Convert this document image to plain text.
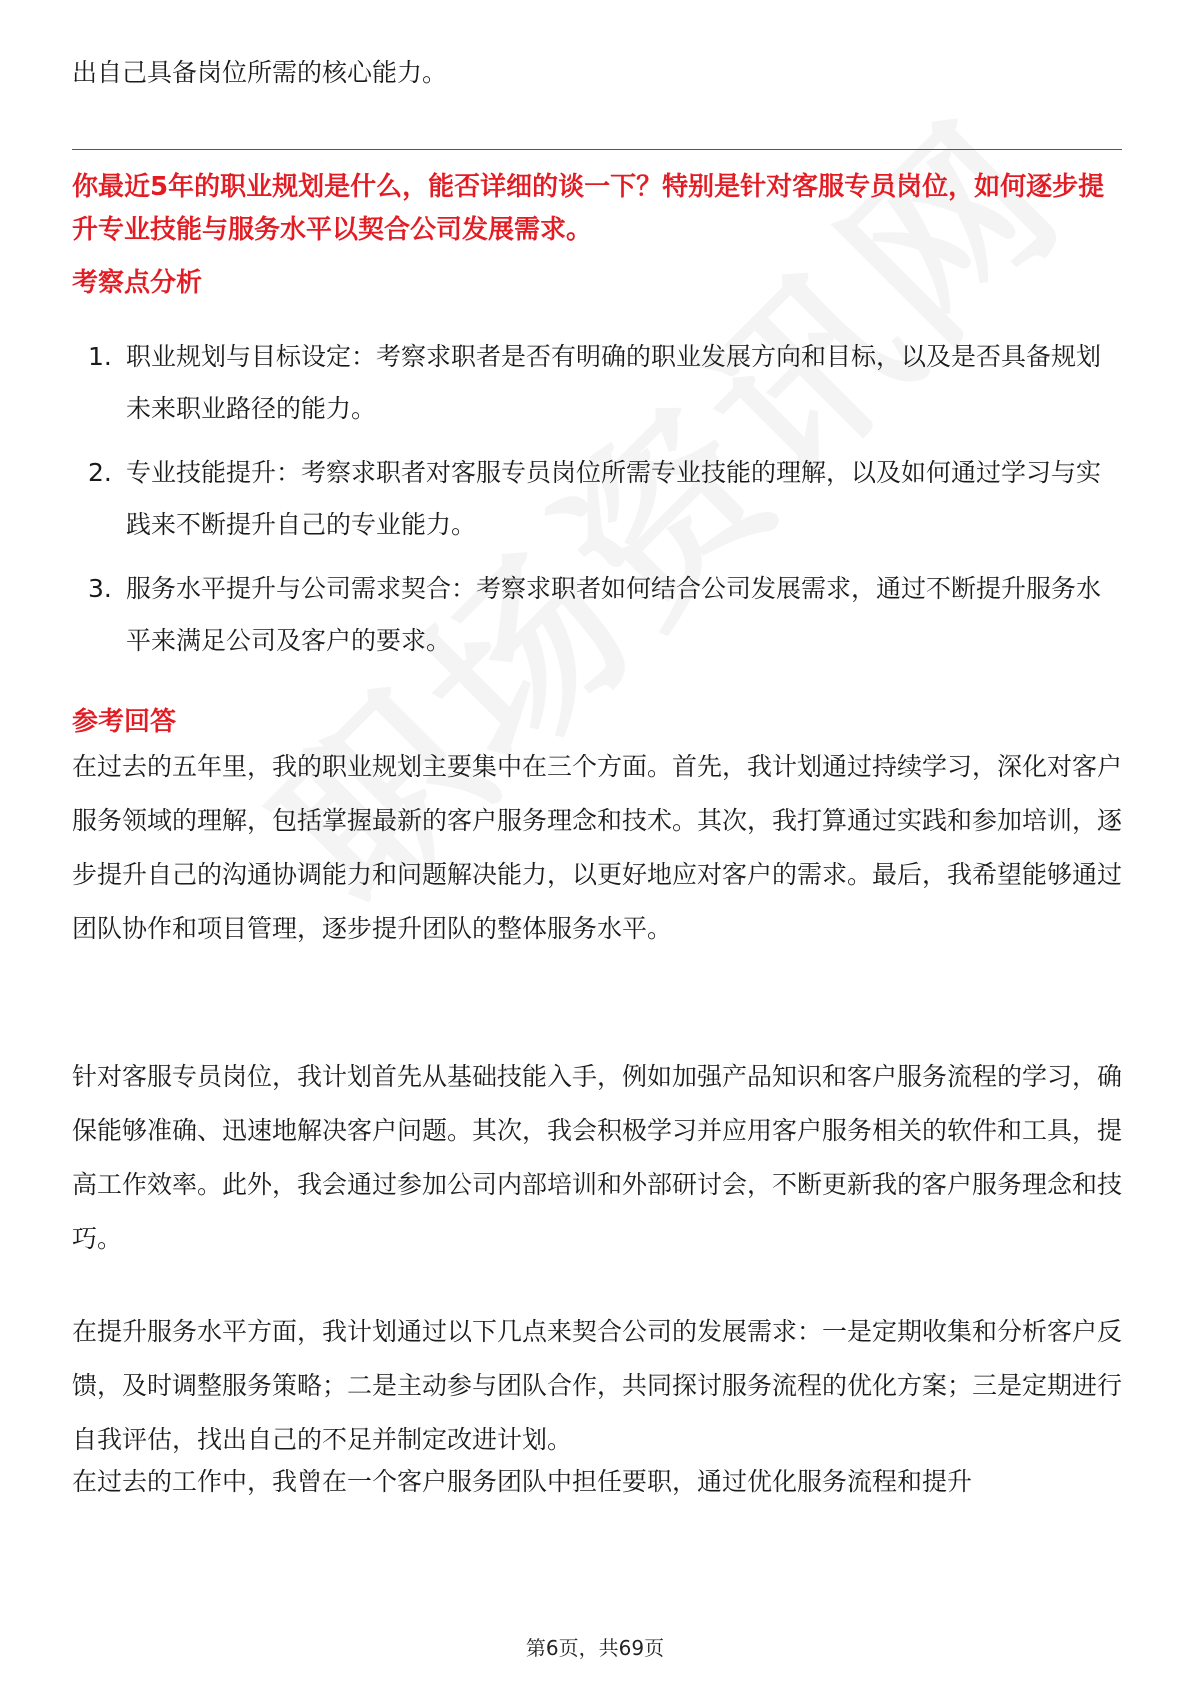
出自己具备岗位所需的核心能力。

你最近5年的职业规划是什么，能否详细的谈一下？特别是针对客服专员岗位，如何逐步提升专业技能与服务水平以契合公司发展需求。

考察点分析
1. 职业规划与目标设定：考察求职者是否有明确的职业发展方向和目标，以及是否具备规划未来职业路径的能力。
2. 专业技能提升：考察求职者对客服专员岗位所需专业技能的理解，以及如何通过学习与实践来不断提升自己的专业能力。
3. 服务水平提升与公司需求契合：考察求职者如何结合公司发展需求，通过不断提升服务水平来满足公司及客户的要求。
参考回答

在过去的五年里，我的职业规划主要集中在三个方面。首先，我计划通过持续学习，深化对客户服务领域的理解，包括掌握最新的客户服务理念和技术。其次，我打算通过实践和参加培训，逐步提升自己的沟通协调能力和问题解决能力，以更好地应对客户的需求。最后，我希望能够通过团队协作和项目管理，逐步提升团队的整体服务水平。

针对客服专员岗位，我计划首先从基础技能入手，例如加强产品知识和客户服务流程的学习，确保能够准确、迅速地解决客户问题。其次，我会积极学习并应用客户服务相关的软件和工具，提高工作效率。此外，我会通过参加公司内部培训和外部研讨会，不断更新我的客户服务理念和技巧。

在提升服务水平方面，我计划通过以下几点来契合公司的发展需求：一是定期收集和分析客户反馈，及时调整服务策略；二是主动参与团队合作，共同探讨服务流程的优化方案；三是定期进行自我评估，找出自己的不足并制定改进计划。

在过去的工作中，我曾在一个客户服务团队中担任要职，通过优化服务流程和提升

第6页，共69页
